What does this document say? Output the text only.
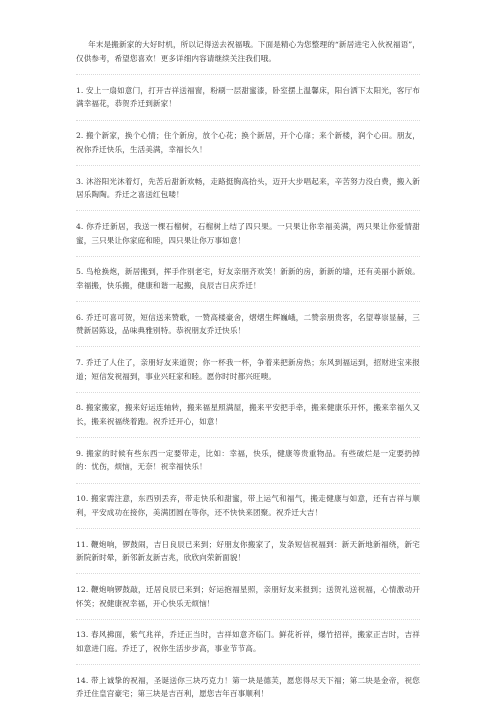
年末是搬新家的大好时机，所以记得送去祝福哦。下面是精心为您整理的“新居进宅入伙祝福语”，仅供参考，希望您喜欢！更多详细内容请继续关注我们哦。

1. 安上一扇如意门，打开吉祥送福窗，粉刷一层甜蜜漆，卧室摆上温馨床，阳台洒下太阳光，客厅布满幸福花，恭贺乔迁到新家！

2. 搬个新家，换个心情；住个新房，放个心花；换个新居，开个心扉；来个新楼，润个心田。朋友，祝你乔迁快乐，生活美满，幸福长久！

3. 沐浴阳光沐着灯，先苦后甜新欢畅，走路挺胸高抬头，迈开大步唱起来，辛苦努力没白费，搬入新居乐陶陶。乔迁之喜送红包喽！

4. 你乔迁新居，我送一棵石榴树，石榴树上结了四只果。一只果让你幸福美满，两只果让你爱情甜蜜，三只果让你家庭和睦，四只果让你万事如意！

5. 鸟枪换炮，新居搬到，挥手作别老宅，好友亲朋齐欢笑！新新的房，新新的墙，还有美丽小新娘。幸福搬，快乐搬，健康和谐一起搬，良辰吉日庆乔迁！

6. 乔迁可喜可贺，短信送来赞歌，一赞高楼豪舍，熠熠生辉巍峨，二赞亲朋贵客，名望尊崇显赫，三赞新居陈设，品味典雅别特。恭祝朋友乔迁快乐！

7. 乔迁了人住了，亲朋好友来道贺；你一杯我一杯，争着来把新房热；东风到福运到，招财进宝来报道；短信发祝福到，事业兴旺家和睦。愿你时时都兴旺噢。

8. 搬家搬家，搬来好运连轴转，搬来福星照满屋，搬来平安把手牵，搬来健康乐开怀，搬来幸福久又长，搬来祝福绕着跑。祝乔迁开心，如意！

9. 搬家的时候有些东西一定要带走，比如：幸福，快乐，健康等贵重物品。有些破烂是一定要扔掉的：忧伤，烦恼，无奈！祝幸福快乐！

10. 搬家需注意，东西别丢弃，带走快乐和甜蜜，带上运气和福气，搬走健康与如意，还有吉祥与顺利，平安成功在接你，美满团圆在等你，还不快快来团聚。祝乔迁大吉！

11. 鞭炮响，锣鼓闹，吉日良辰已来到；好朋友你搬家了，发条短信祝福到：新天新地新福绕，新宅新院新时晕，新邻新友新吉兆，欣欣向荣新面貌！

12. 鞭炮响锣鼓敲，迁居良辰已来到；好运抱福星照，亲朋好友来报到；送贺礼送祝福，心情激动开怀笑；祝健康祝幸福，开心快乐无烦恼！

13. 春风拂面，紫气兆祥，乔迁正当时，吉祥如意齐临门。鲜花祈祥，爆竹招祥，搬家正吉时，吉祥如意进门庭。乔迁了，祝你生活步步高，事业节节高。

14. 带上诚挚的祝福，圣诞送你三块巧克力！第一块是德芙，愿您得尽天下福；第二块是金帝，祝您乔迁住皇宫豪宅；第三块是吉百利，愿您吉年百事顺利！
